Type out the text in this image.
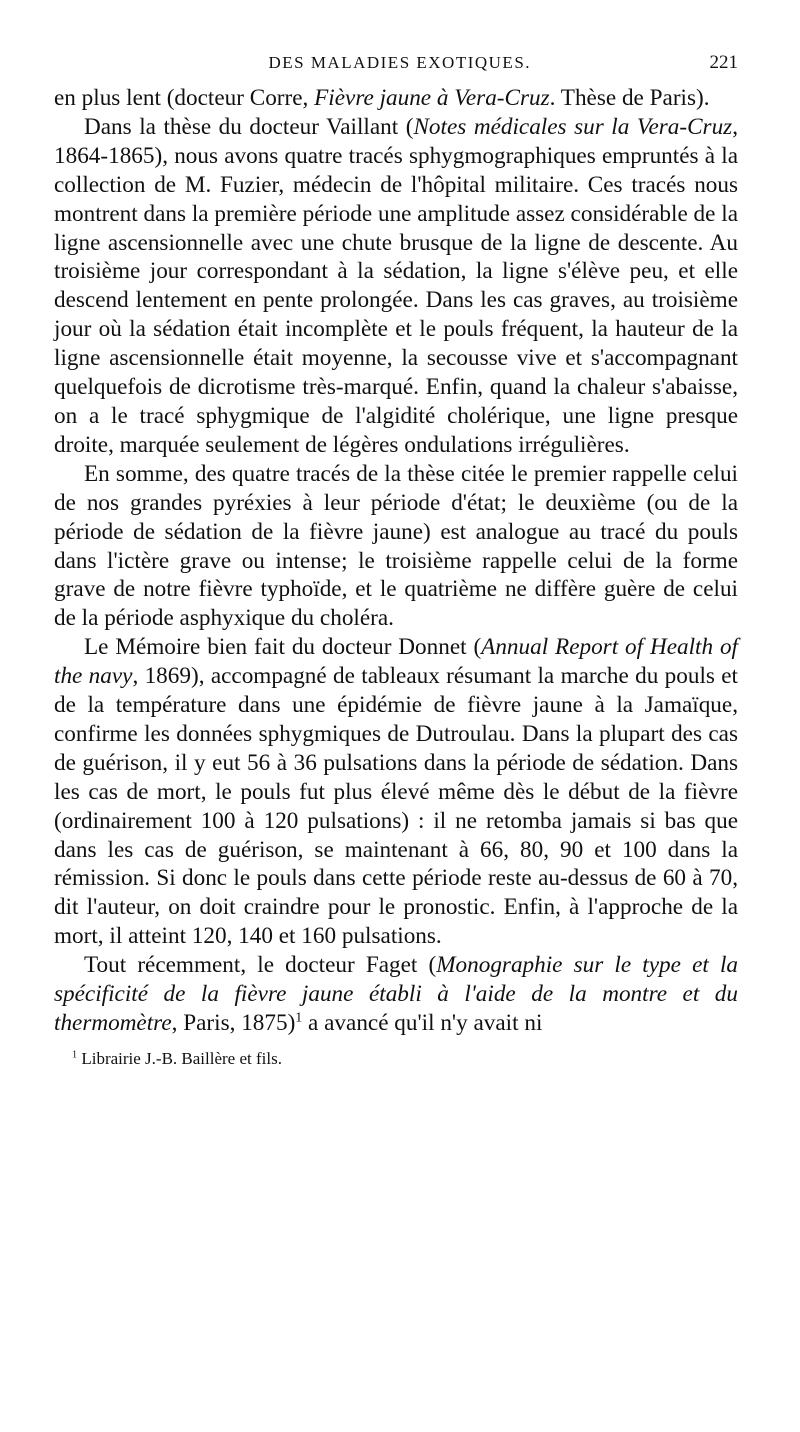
DES MALADIES EXOTIQUES.	221

en plus lent (docteur Corre, Fièvre jaune à Vera-Cruz. Thèse de Paris).

Dans la thèse du docteur Vaillant (Notes médicales sur la Vera-Cruz, 1864-1865), nous avons quatre tracés sphygmographiques empruntés à la collection de M. Fuzier, médecin de l'hôpital militaire. Ces tracés nous montrent dans la première période une amplitude assez considérable de la ligne ascensionnelle avec une chute brusque de la ligne de descente. Au troisième jour correspondant à la sédation, la ligne s'élève peu, et elle descend lentement en pente prolongée. Dans les cas graves, au troisième jour où la sédation était incomplète et le pouls fréquent, la hauteur de la ligne ascensionnelle était moyenne, la secousse vive et s'accompagnant quelquefois de dicrotisme très-marqué. Enfin, quand la chaleur s'abaisse, on a le tracé sphygmique de l'algidité cholérique, une ligne presque droite, marquée seulement de légères ondulations irrégulières.

En somme, des quatre tracés de la thèse citée le premier rappelle celui de nos grandes pyréxies à leur période d'état; le deuxième (ou de la période de sédation de la fièvre jaune) est analogue au tracé du pouls dans l'ictère grave ou intense; le troisième rappelle celui de la forme grave de notre fièvre typhoïde, et le quatrième ne diffère guère de celui de la période asphyxique du choléra.

Le Mémoire bien fait du docteur Donnet (Annual Report of Health of the navy, 1869), accompagné de tableaux résumant la marche du pouls et de la température dans une épidémie de fièvre jaune à la Jamaïque, confirme les données sphygmiques de Dutroulau. Dans la plupart des cas de guérison, il y eut 56 à 36 pulsations dans la période de sédation. Dans les cas de mort, le pouls fut plus élevé même dès le début de la fièvre (ordinairement 100 à 120 pulsations) : il ne retomba jamais si bas que dans les cas de guérison, se maintenant à 66, 80, 90 et 100 dans la rémission. Si donc le pouls dans cette période reste au-dessus de 60 à 70, dit l'auteur, on doit craindre pour le pronostic. Enfin, à l'approche de la mort, il atteint 120, 140 et 160 pulsations.

Tout récemment, le docteur Faget (Monographie sur le type et la spécificité de la fièvre jaune établi à l'aide de la montre et du thermomètre, Paris, 1875)$^1$ a avancé qu'il n'y avait ni

$^1$ Librairie J.-B. Baillère et fils.
